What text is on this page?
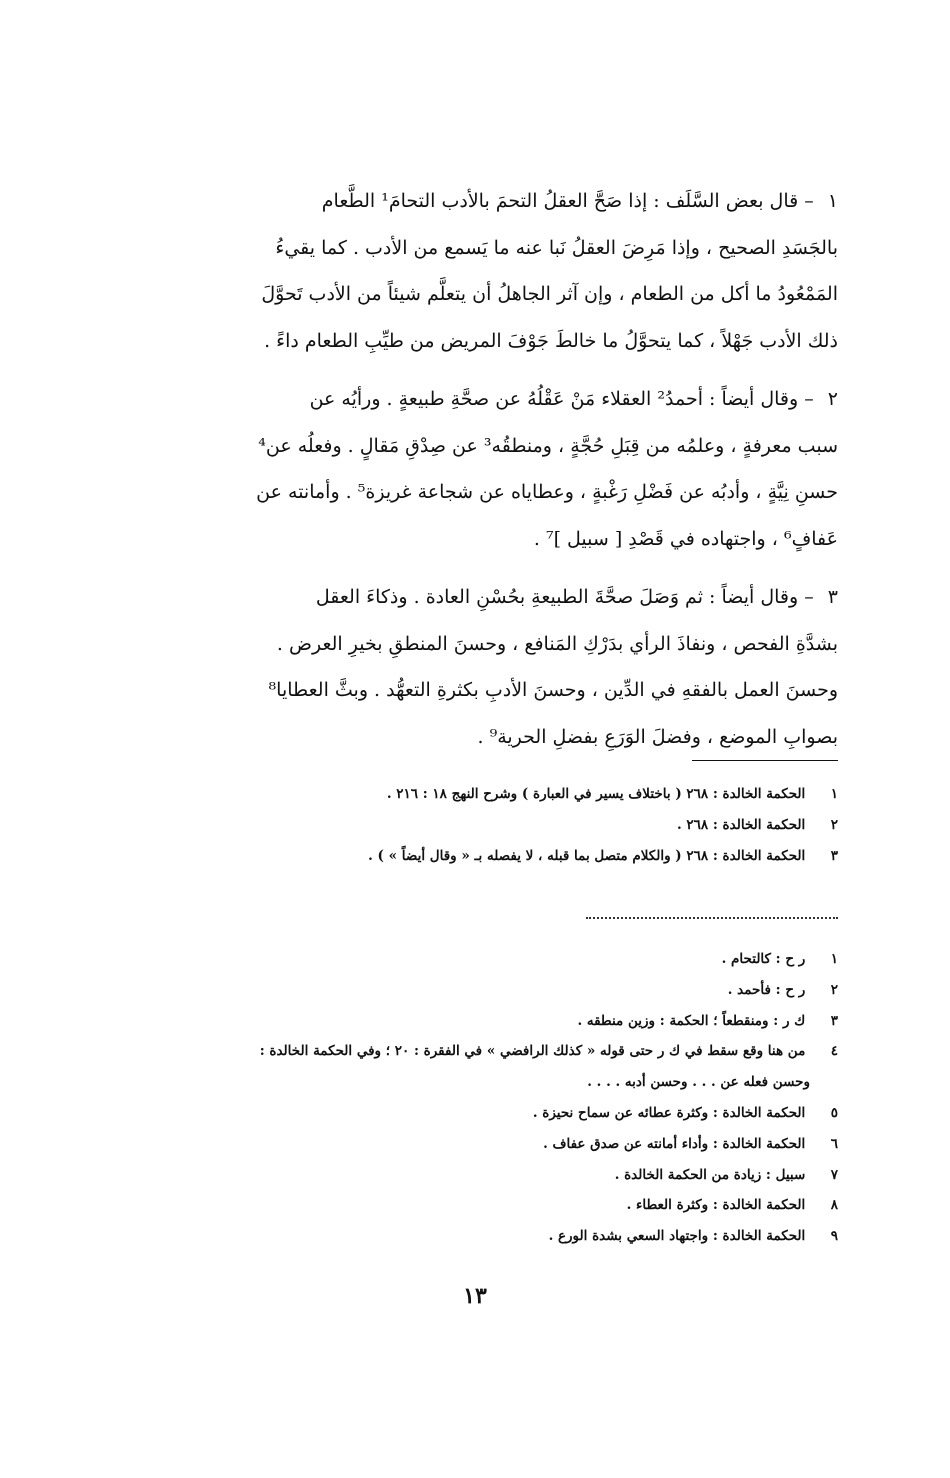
١ – قال بعض السَّلَف : إذا صَحَّ العقلُ التحمَ بالأدب التحامَ¹ الطَّعام
بالجَسَدِ الصحيح ، وإذا مَرِضَ العقلُ نَبا عنه ما يَسمع من الأدب . كما يقيءُ
المَمْعُودُ ما أكل من الطعام ، وإن آثر الجاهلُ أن يتعلَّم شيئاً من الأدب تَحوَّلَ
ذلك الأدب جَهْلاً ، كما يتحوَّلُ ما خالطَ جَوْفَ المريض من طيِّبِ الطعام داءً .
٢ – وقال أيضاً : أحمدُ² العقلاء مَنْ عَقْلُهُ عن صحَّةِ طبيعةٍ . ورأيُه عن
سبب معرفةٍ ، وعلمُه من قِبَلِ حُجَّةٍ ، ومنطقُه³ عن صِدْقِ مَقالٍ . وفعلُه عن⁴
حسنِ نِيَّةٍ ، وأدبُه عن فَضْلِ رَغْبةٍ ، وعطاياه عن شجاعة غريزة⁵ . وأمانته عن
عَفافٍ⁶ ، واجتهاده في قَصْدِ [ سبيل ]⁷ .
٣ – وقال أيضاً : ثم وَصَلَ صحَّةَ الطبيعةِ بحُسْنِ العادة . وذكاءَ العقل
بشدَّةِ الفحص ، ونفاذَ الرأي بدَرْكِ المَنافع ، وحسنَ المنطقِ بخيرِ العرض .
وحسنَ العمل بالفقهِ في الدِّين ، وحسنَ الأدبِ بكثرةِ التعهُّد . وبثَّ العطايا⁸
بصوابِ الموضع ، وفضلَ الوَرَعِ بفضلِ الحرية⁹ .

١ الحكمة الخالدة : ٢٦٨ ( باختلاف يسير في العبارة ) وشرح النهج ١٨ : ٢١٦ .

٢ الحكمة الخالدة : ٢٦٨ .

٣ الحكمة الخالدة : ٢٦٨ ( والكلام متصل بما قبله ، لا يفصله بـ « وقال أيضاً » ) .

١ ر ح : كالتحام .

٢ ر ح : فأحمد .

٣ ك ر : ومنقطعاً ؛ الحكمة : وزين منطقه .

٤ من هنا وقع سقط في ك ر حتى قوله « كذلك الرافضي » في الفقرة : ٢٠ ؛ وفي الحكمة الخالدة :

وحسن فعله عن . . . وحسن أدبه . . . .

٥ الحكمة الخالدة : وكثرة عطائه عن سماح نحيزة .

٦ الحكمة الخالدة : وأداء أمانته عن صدق عفاف .

٧ سبيل : زيادة من الحكمة الخالدة .

٨ الحكمة الخالدة : وكثرة العطاء .

٩ الحكمة الخالدة : واجتهاد السعي بشدة الورع .

١٣
